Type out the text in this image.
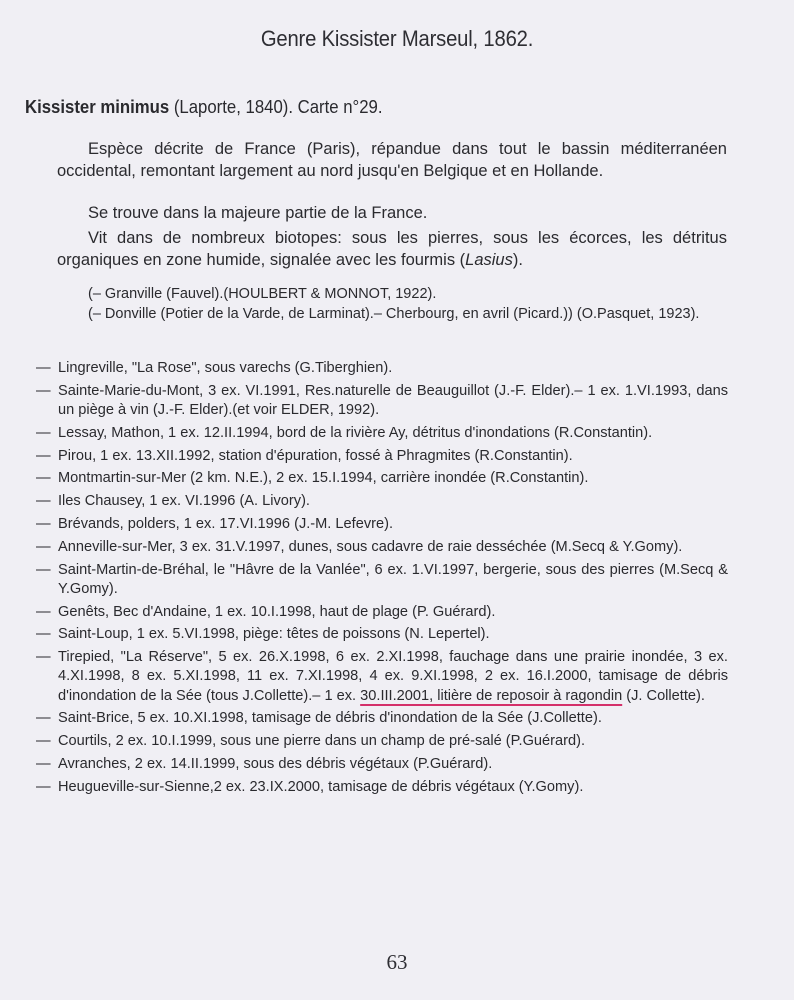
Genre Kissister Marseul, 1862.
Kissister minimus (Laporte, 1840). Carte n°29.
Espèce décrite de France (Paris), répandue dans tout le bassin méditerranéen occidental, remontant largement au nord jusqu'en Belgique et en Hollande.
Se trouve dans la majeure partie de la France.
Vit dans de nombreux biotopes: sous les pierres, sous les écorces, les détritus organiques en zone humide, signalée avec les fourmis (Lasius).
(– Granville (Fauvel).(HOULBERT & MONNOT, 1922).
(– Donville (Potier de la Varde, de Larminat).– Cherbourg, en avril (Picard.)) (O.Pasquet, 1923).
— Lingreville, "La Rose", sous varechs (G.Tiberghien).
— Sainte-Marie-du-Mont, 3 ex. VI.1991, Res.naturelle de Beauguillot (J.-F. Elder).– 1 ex. 1.VI.1993, dans un piège à vin (J.-F. Elder).(et voir ELDER, 1992).
— Lessay, Mathon, 1 ex. 12.II.1994, bord de la rivière Ay, détritus d'inondations (R.Constantin).
— Pirou, 1 ex. 13.XII.1992, station d'épuration, fossé à Phragmites (R.Constantin).
— Montmartin-sur-Mer (2 km. N.E.), 2 ex. 15.I.1994, carrière inondée (R.Constantin).
— Iles Chausey, 1 ex. VI.1996 (A. Livory).
— Brévands, polders, 1 ex. 17.VI.1996 (J.-M. Lefevre).
— Anneville-sur-Mer, 3 ex. 31.V.1997, dunes, sous cadavre de raie desséchée (M.Secq & Y.Gomy).
— Saint-Martin-de-Bréhal, le "Hâvre de la Vanlée", 6 ex. 1.VI.1997, bergerie, sous des pierres (M.Secq & Y.Gomy).
— Genêts, Bec d'Andaine, 1 ex. 10.I.1998, haut de plage (P. Guérard).
— Saint-Loup, 1 ex. 5.VI.1998, piège: têtes de poissons (N. Lepertel).
— Tirepied, "La Réserve", 5 ex. 26.X.1998, 6 ex. 2.XI.1998, fauchage dans une prairie inondée, 3 ex. 4.XI.1998, 8 ex. 5.XI.1998, 11 ex. 7.XI.1998, 4 ex. 9.XI.1998, 2 ex. 16.I.2000, tamisage de débris d'inondation de la Sée (tous J.Collette).– 1 ex. 30.III.2001, litière de reposoir à ragondin (J. Collette).
— Saint-Brice, 5 ex. 10.XI.1998, tamisage de débris d'inondation de la Sée (J.Collette).
— Courtils, 2 ex. 10.I.1999, sous une pierre dans un champ de pré-salé (P.Guérard).
— Avranches, 2 ex. 14.II.1999, sous des débris végétaux (P.Guérard).
— Heugueville-sur-Sienne,2 ex. 23.IX.2000, tamisage de débris végétaux (Y.Gomy).
63
